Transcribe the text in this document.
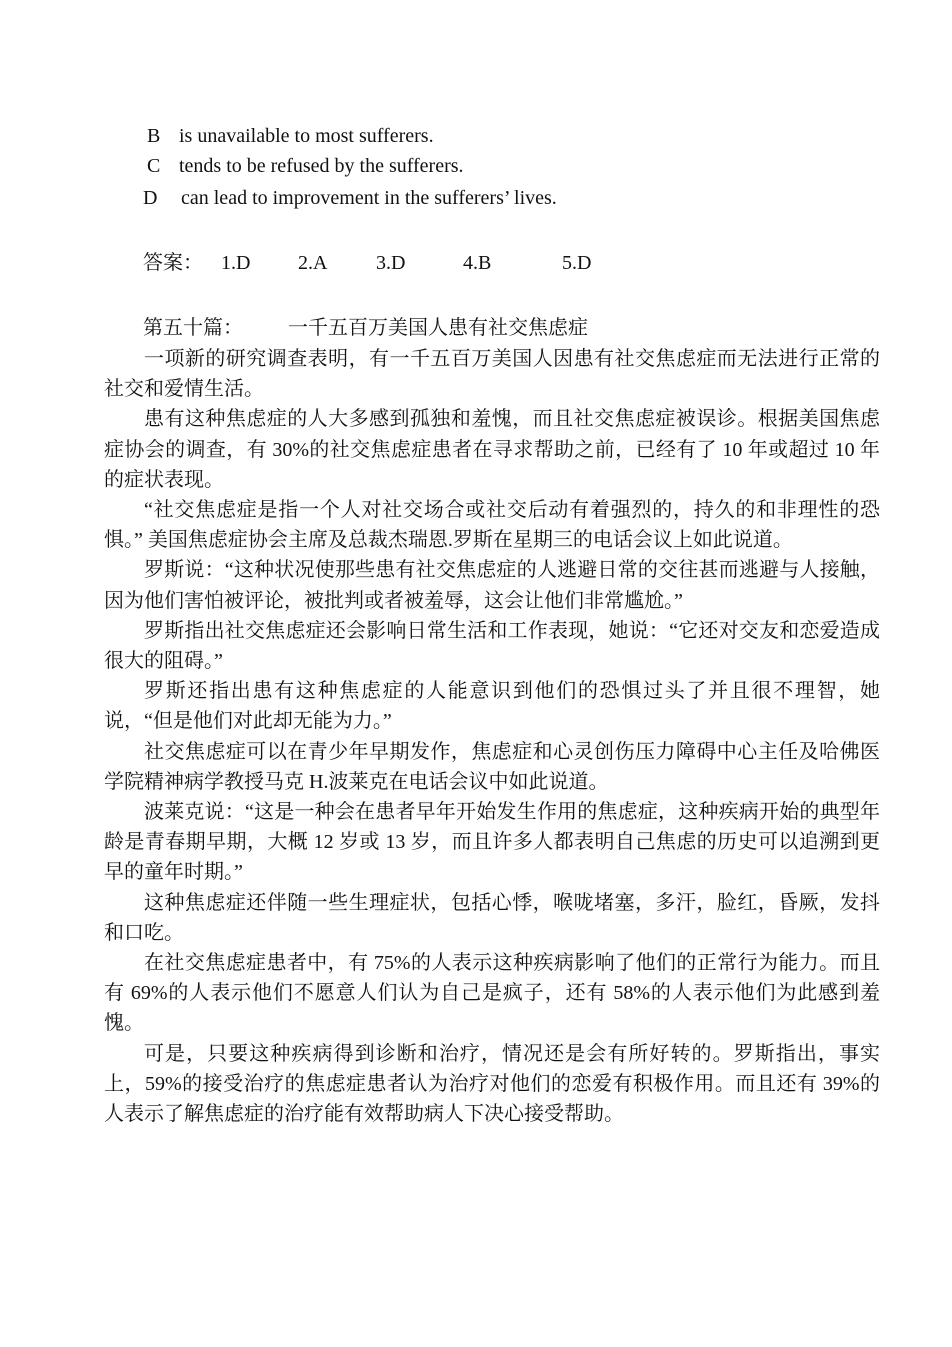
B is unavailable to most sufferers.
C tends to be refused by the sufferers.
D can lead to improvement in the sufferers’ lives.
答案： 1.D 2.A 3.D	4.B	5.D
第五十篇： 一千五百万美国人患有社交焦虑症

一项新的研究调查表明，有一千五百万美国人因患有社交焦虑症而无法进行正常的社交和爱情生活。

患有这种焦虑症的人大多感到孤独和羞愧，而且社交焦虑症被误诊。根据美国焦虑症协会的调查，有 30%的社交焦虑症患者在寻求帮助之前，已经有了 10 年或超过 10 年的症状表现。

“社交焦虑症是指一个人对社交场合或社交后动有着强烈的，持久的和非理性的恐惧。” 美国焦虑症协会主席及总裁杰瑞恩.罗斯在星期三的电话会议上如此说道。

罗斯说：“这种状况使那些患有社交焦虑症的人逃避日常的交往甚而逃避与人接触，因为他们害怕被评论，被批判或者被羞辱，这会让他们非常尴尬。”

罗斯指出社交焦虑症还会影响日常生活和工作表现，她说：“它还对交友和恋爱造成很大的阻碍。”

罗斯还指出患有这种焦虑症的人能意识到他们的恐惧过头了并且很不理智，她说，“但是他们对此却无能为力。”

社交焦虑症可以在青少年早期发作，焦虑症和心灵创伤压力障碍中心主任及哈佛医学院精神病学教授马克 H.波莱克在电话会议中如此说道。

波莱克说：“这是一种会在患者早年开始发生作用的焦虑症，这种疾病开始的典型年龄是青春期早期，大概 12 岁或 13 岁，而且许多人都表明自己焦虑的历史可以追溯到更早的童年时期。”

这种焦虑症还伴随一些生理症状，包括心悸，喉咙堵塞，多汗，脸红，昏厥，发抖和口吃。

在社交焦虑症患者中，有 75%的人表示这种疾病影响了他们的正常行为能力。而且有 69%的人表示他们不愿意人们认为自己是疯子，还有 58%的人表示他们为此感到羞愧。

可是，只要这种疾病得到诊断和治疗，情况还是会有所好转的。罗斯指出，事实上，59%的接受治疗的焦虑症患者认为治疗对他们的恋爱有积极作用。而且还有 39%的人表示了解焦虑症的治疗能有效帮助病人下决心接受帮助。
